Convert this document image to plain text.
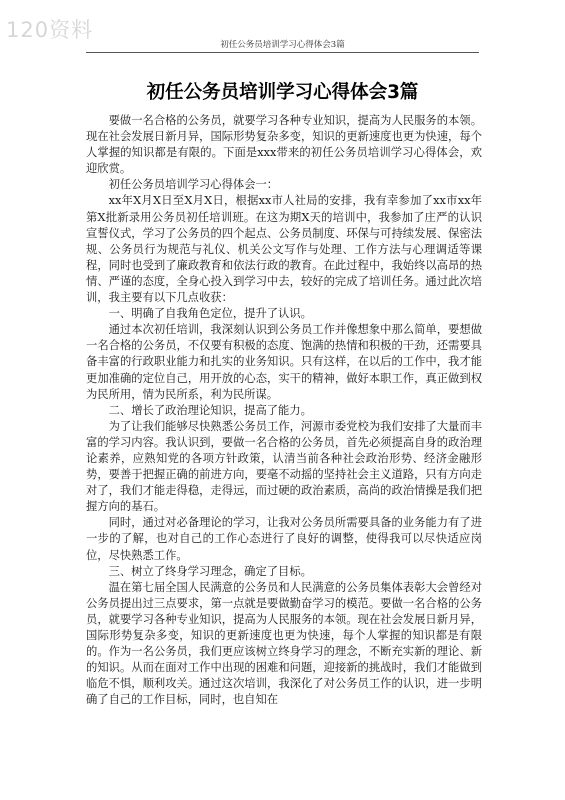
120资料
初任公务员培训学习心得体会3篇
初任公务员培训学习心得体会3篇

要做一名合格的公务员，就要学习各种专业知识，提高为人民服务的本领。现在社会发展日新月异，国际形势复杂多变，知识的更新速度也更为快速，每个人掌握的知识都是有限的。下面是xxx带来的初任公务员培训学习心得体会，欢迎欣赏。

初任公务员培训学习心得体会一：

xx年X月X日至X月X日，根据xx市人社局的安排，我有幸参加了xx市xx年第X批新录用公务员初任培训班。在这为期X天的培训中，我参加了庄严的认识宣誓仪式，学习了公务员的四个起点、公务员制度、环保与可持续发展、保密法规、公务员行为规范与礼仪、机关公文写作与处理、工作方法与心理调适等课程，同时也受到了廉政教育和依法行政的教育。在此过程中，我始终以高昂的热情、严谨的态度，全身心投入到学习中去，较好的完成了培训任务。通过此次培训，我主要有以下几点收获：

一、明确了自我角色定位，提升了认识。

通过本次初任培训，我深刻认识到公务员工作并像想象中那么简单，要想做一名合格的公务员，不仅要有积极的态度、饱满的热情和积极的干劲，还需要具备丰富的行政职业能力和扎实的业务知识。只有这样，在以后的工作中，我才能更加准确的定位自己，用开放的心态，实干的精神，做好本职工作，真正做到权为民所用，情为民所系，利为民所谋。

二、增长了政治理论知识，提高了能力。

为了让我们能够尽快熟悉公务员工作，河源市委党校为我们安排了大量而丰富的学习内容。我认识到，要做一名合格的公务员，首先必须提高自身的政治理论素养，应熟知党的各项方针政策，认清当前各种社会政治形势、经济金融形势，要善于把握正确的前进方向，要毫不动摇的坚持社会主义道路，只有方向走对了，我们才能走得稳，走得远，而过硬的政治素质，高尚的政治情操是我们把握方向的基石。

同时，通过对必备理论的学习，让我对公务员所需要具备的业务能力有了进一步的了解，也对自己的工作心态进行了良好的调整，使得我可以尽快适应岗位，尽快熟悉工作。

三、树立了终身学习理念，确定了目标。

温在第七届全国人民满意的公务员和人民满意的公务员集体表彰大会曾经对公务员提出过三点要求，第一点就是要做勤奋学习的模范。要做一名合格的公务员，就要学习各种专业知识，提高为人民服务的本领。现在社会发展日新月异，国际形势复杂多变，知识的更新速度也更为快速，每个人掌握的知识都是有限的。作为一名公务员，我们更应该树立终身学习的理念，不断充实新的理论、新的知识。从而在面对工作中出现的困难和问题，迎接新的挑战时，我们才能做到临危不惧，顺利攻关。通过这次培训，我深化了对公务员工作的认识，进一步明确了自己的工作目标，同时，也自知在
